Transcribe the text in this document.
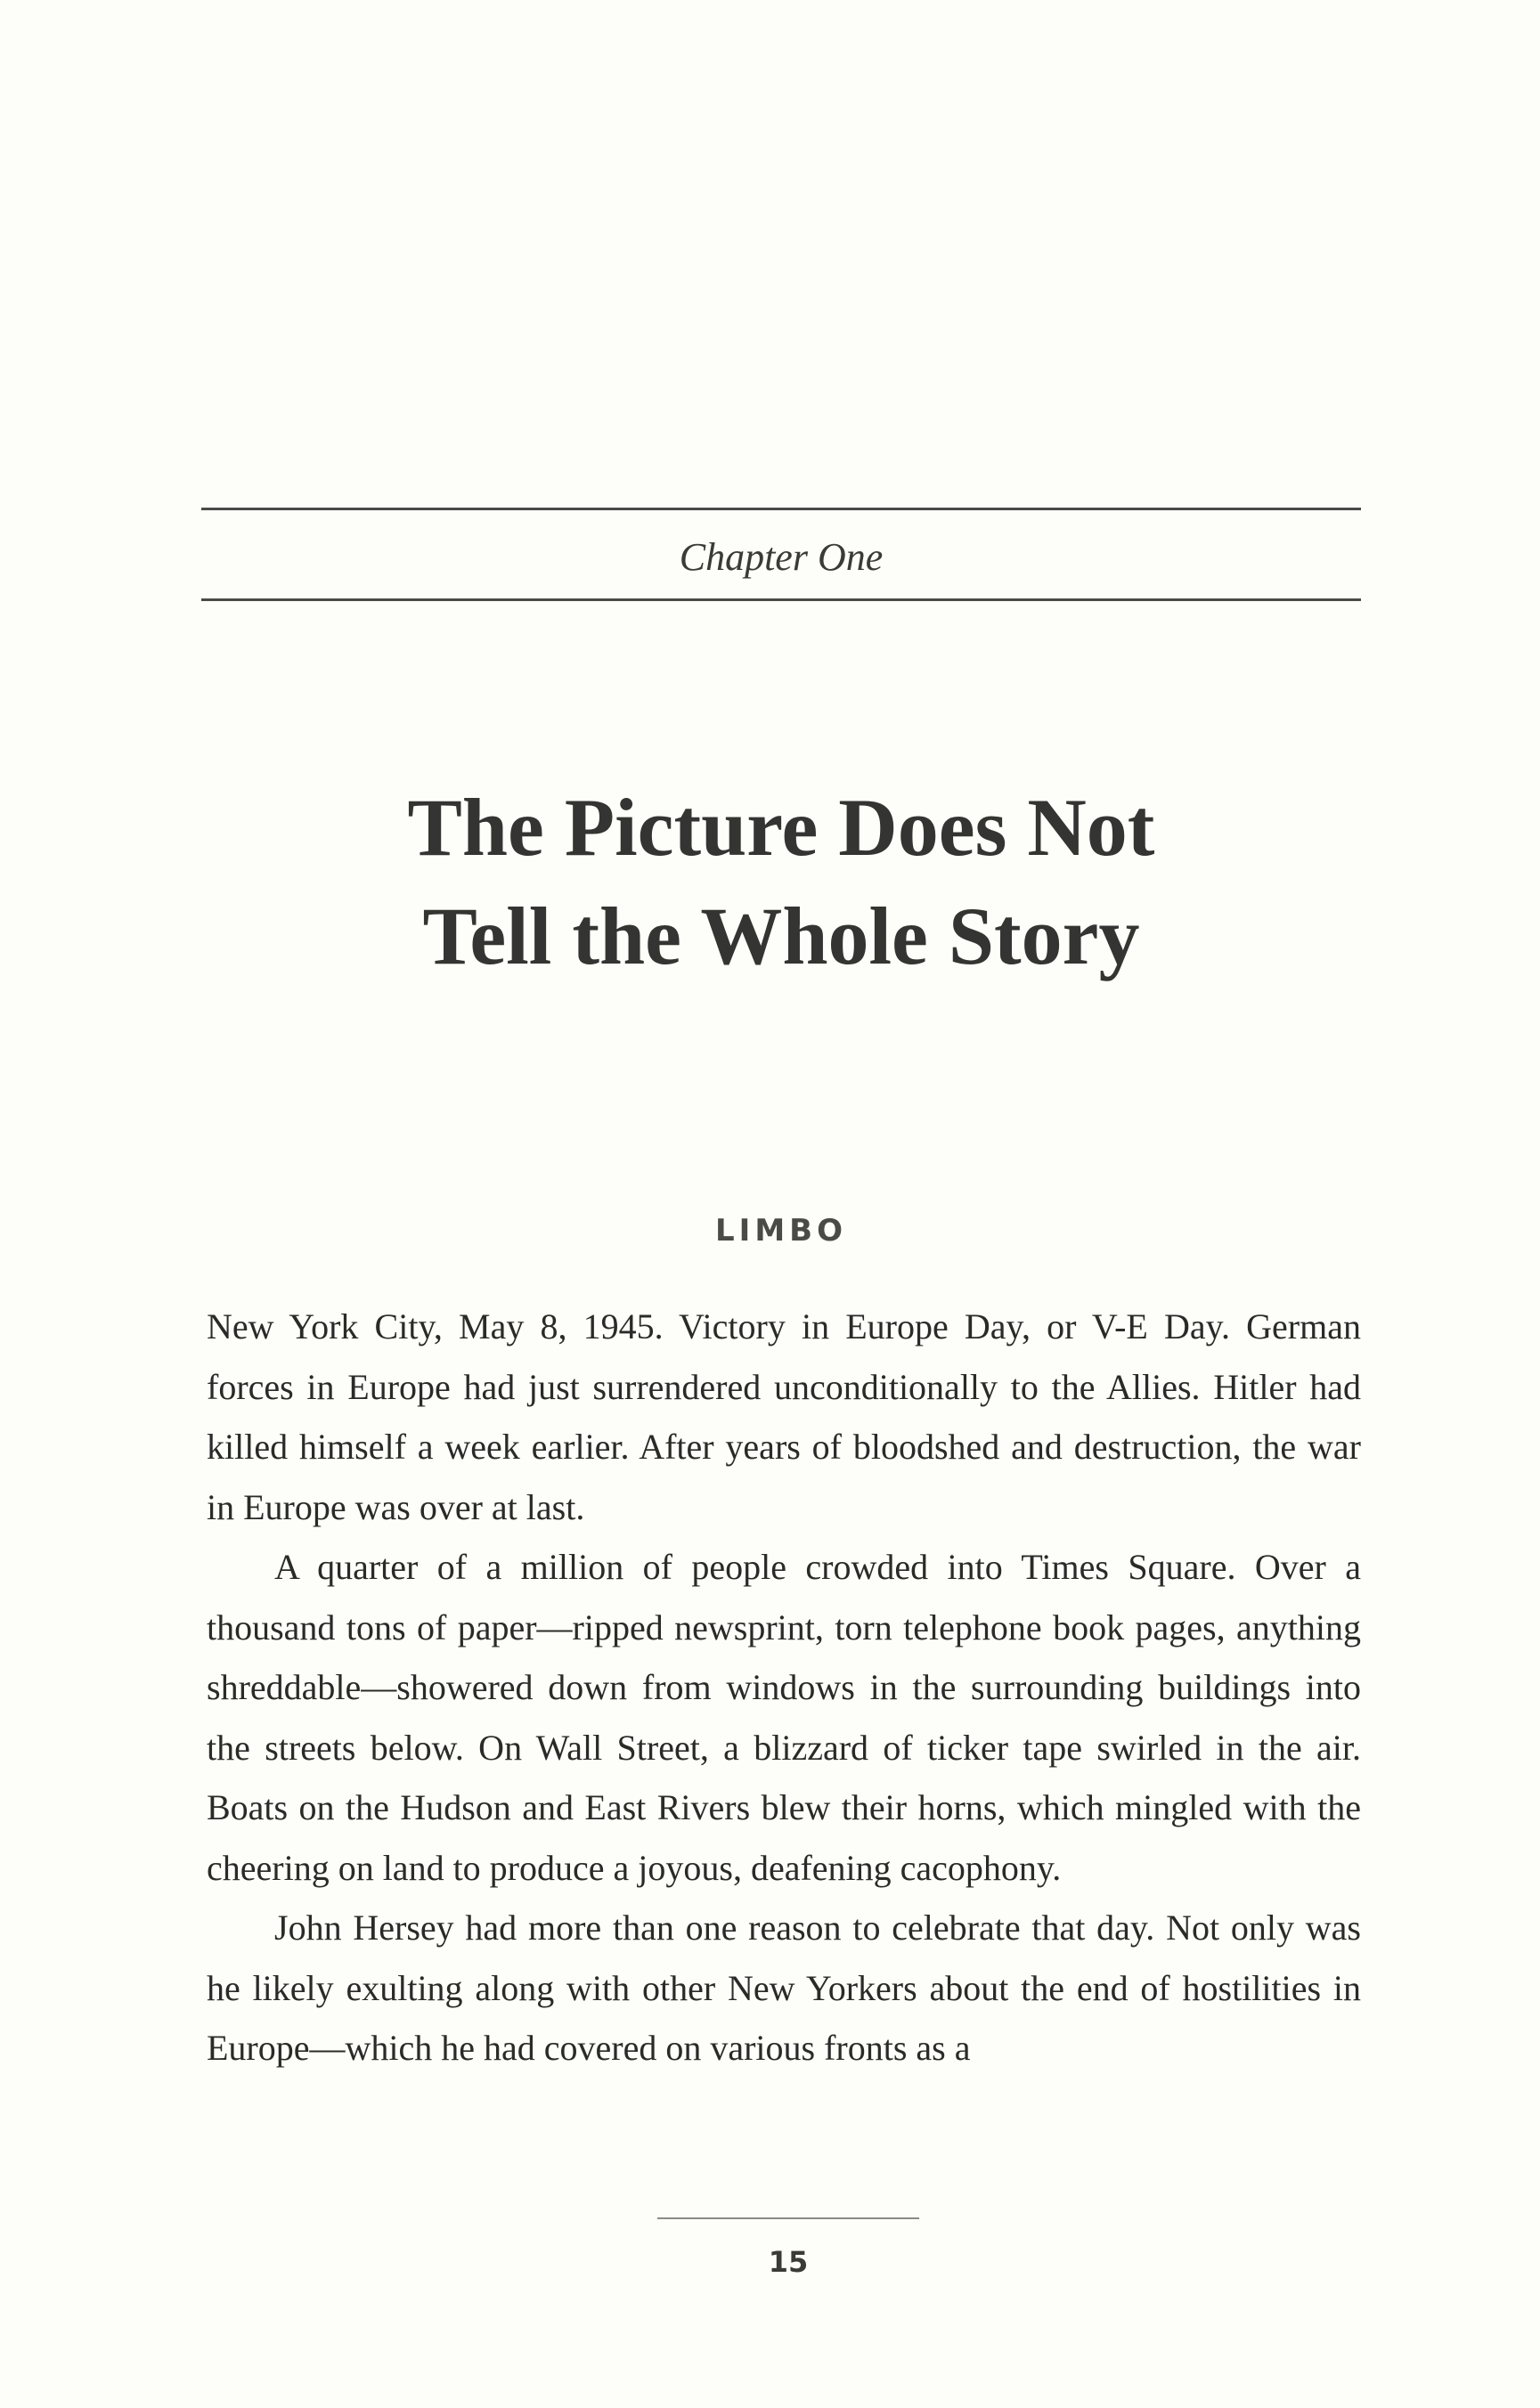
Chapter One
The Picture Does Not
Tell the Whole Story
LIMBO

New York City, May 8, 1945. Victory in Europe Day, or V-E Day. German forces in Europe had just surrendered unconditionally to the Allies. Hitler had killed himself a week earlier. After years of bloodshed and destruction, the war in Europe was over at last.

A quarter of a million of people crowded into Times Square. Over a thousand tons of paper—ripped newsprint, torn telephone book pages, anything shreddable—showered down from windows in the surrounding buildings into the streets below. On Wall Street, a blizzard of ticker tape swirled in the air. Boats on the Hudson and East Rivers blew their horns, which mingled with the cheering on land to produce a joyous, deafening cacophony.

John Hersey had more than one reason to celebrate that day. Not only was he likely exulting along with other New Yorkers about the end of hostilities in Europe—which he had covered on various fronts as a

15
